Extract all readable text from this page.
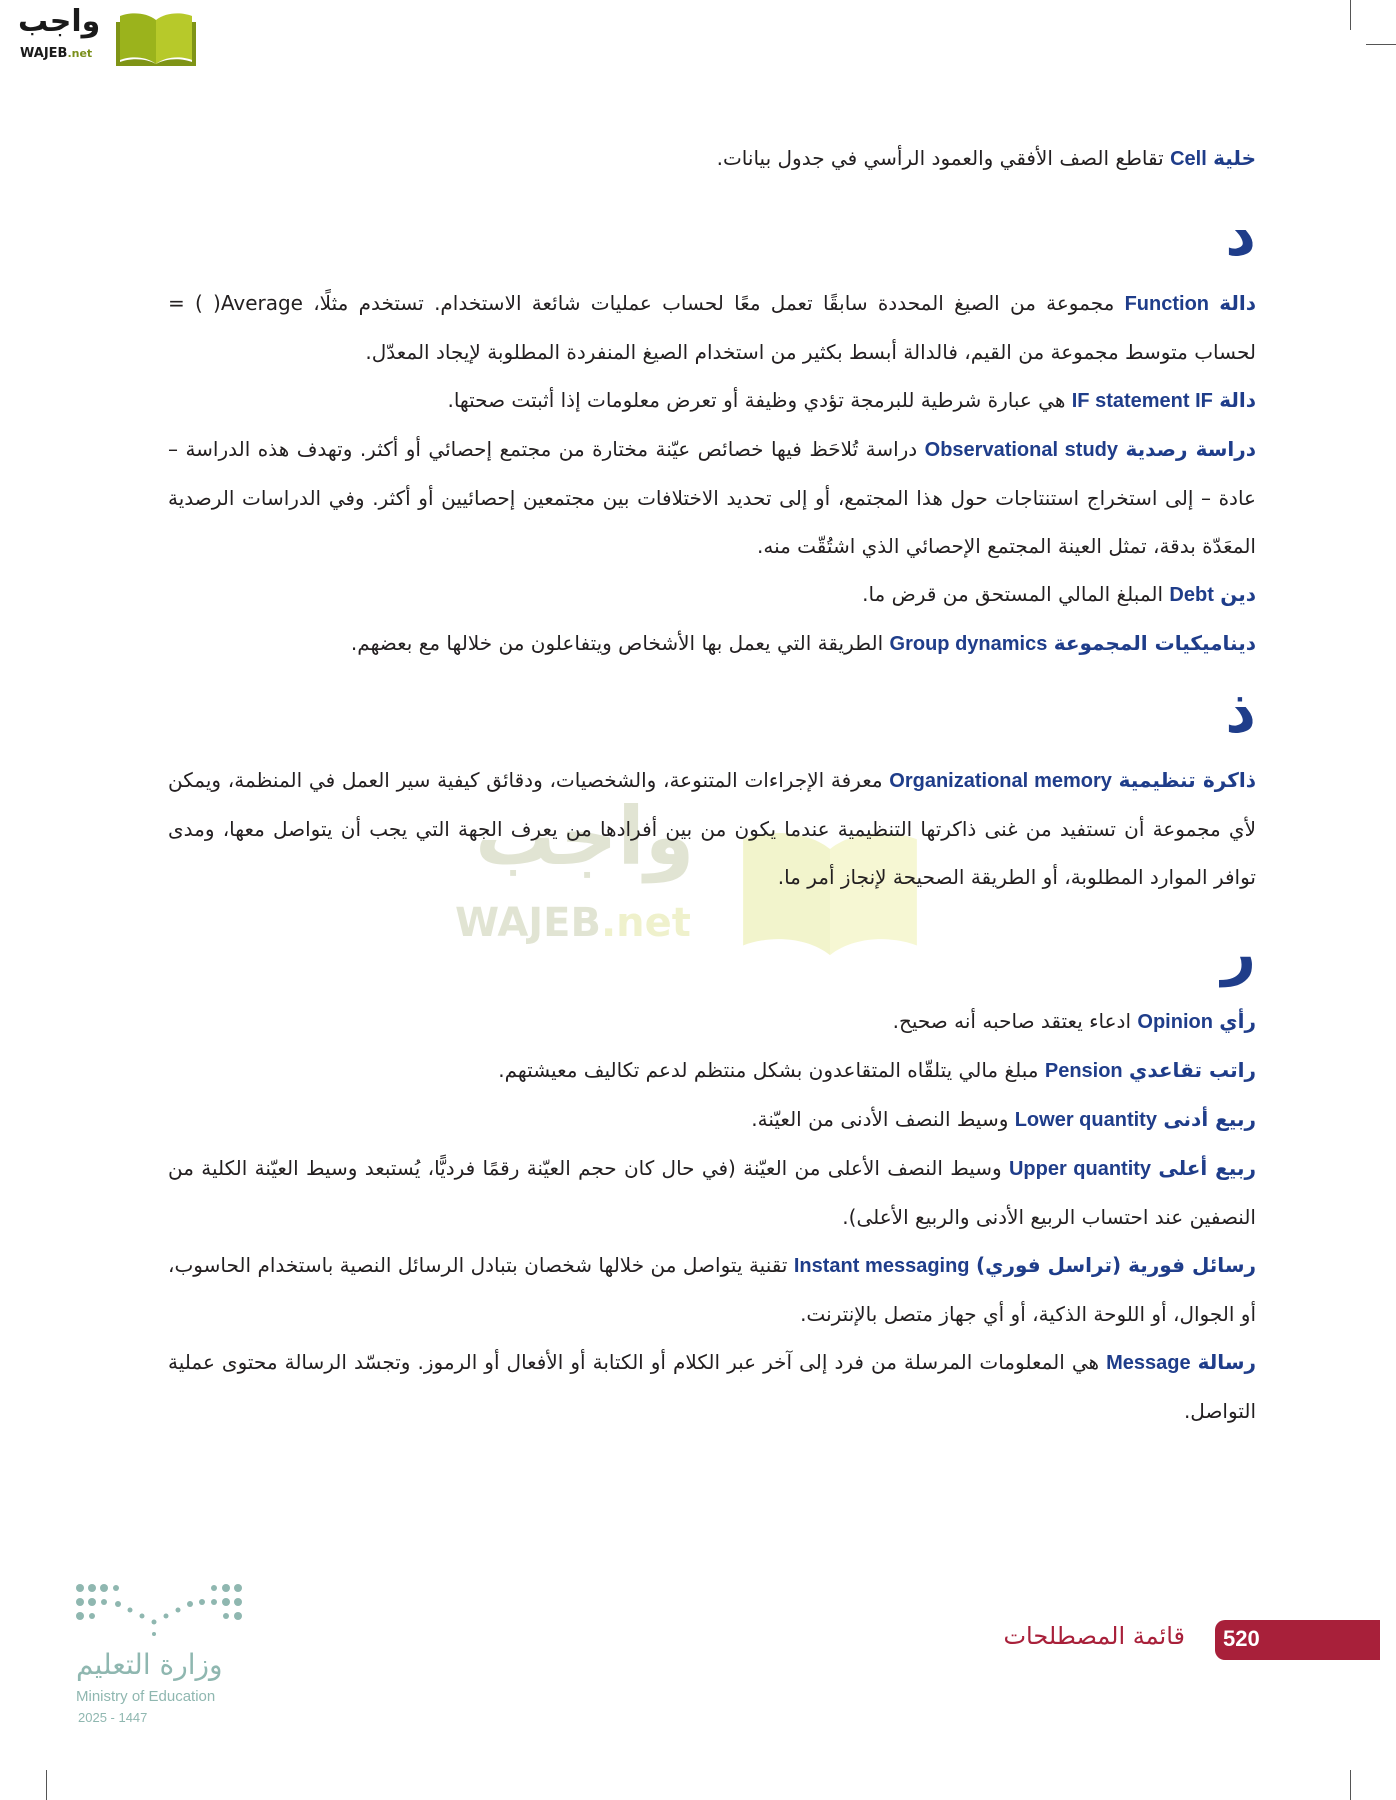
واجب
WAJEB.net
واجب
WAJEB.net

خلية Cell تقاطع الصف الأفقي والعمود الرأسي في جدول بيانات.

د

دالة Function مجموعة من الصيغ المحددة سابقًا تعمل معًا لحساب عمليات شائعة الاستخدام. تستخدم مثلًا، Average( ) = لحساب متوسط مجموعة من القيم، فالدالة أبسط بكثير من استخدام الصيغ المنفردة المطلوبة لإيجاد المعدّل.

دالة IF statement IF هي عبارة شرطية للبرمجة تؤدي وظيفة أو تعرض معلومات إذا أثبتت صحتها.

دراسة رصدية Observational study دراسة تُلاحَظ فيها خصائص عيّنة مختارة من مجتمع إحصائي أو أكثر. وتهدف هذه الدراسة – عادة – إلى استخراج استنتاجات حول هذا المجتمع، أو إلى تحديد الاختلافات بين مجتمعين إحصائيين أو أكثر. وفي الدراسات الرصدية المعَدّة بدقة، تمثل العينة المجتمع الإحصائي الذي اشتُقّت منه.

دين Debt المبلغ المالي المستحق من قرض ما.

ديناميكيات المجموعة Group dynamics الطريقة التي يعمل بها الأشخاص ويتفاعلون من خلالها مع بعضهم.

ذ

ذاكرة تنظيمية Organizational memory معرفة الإجراءات المتنوعة، والشخصيات، ودقائق كيفية سير العمل في المنظمة، ويمكن لأي مجموعة أن تستفيد من غنى ذاكرتها التنظيمية عندما يكون من بين أفرادها من يعرف الجهة التي يجب أن يتواصل معها، ومدى توافر الموارد المطلوبة، أو الطريقة الصحيحة لإنجاز أمر ما.

ر

رأي Opinion ادعاء يعتقد صاحبه أنه صحيح.

راتب تقاعدي Pension مبلغ مالي يتلقّاه المتقاعدون بشكل منتظم لدعم تكاليف معيشتهم.

ربيع أدنى Lower quantity وسيط النصف الأدنى من العيّنة.

ربيع أعلى Upper quantity وسيط النصف الأعلى من العيّنة (في حال كان حجم العيّنة رقمًا فرديًّا، يُستبعد وسيط العيّنة الكلية من النصفين عند احتساب الربيع الأدنى والربيع الأعلى).

رسائل فورية (تراسل فوري) Instant messaging تقنية يتواصل من خلالها شخصان بتبادل الرسائل النصية باستخدام الحاسوب، أو الجوال، أو اللوحة الذكية، أو أي جهاز متصل بالإنترنت.

رسالة Message هي المعلومات المرسلة من فرد إلى آخر عبر الكلام أو الكتابة أو الأفعال أو الرموز. وتجسّد الرسالة محتوى عملية التواصل.

قائمة المصطلحات 520
وزارة التعليم
Ministry of Education
2025 - 1447
